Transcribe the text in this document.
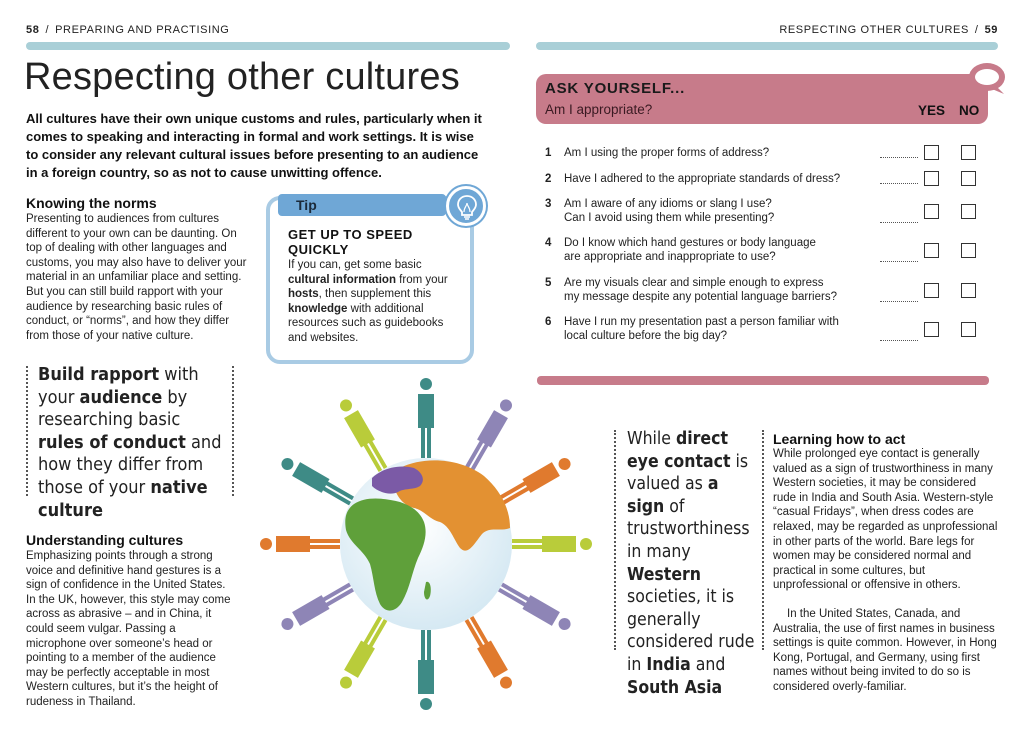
58 / PREPARING AND PRACTISING	RESPECTING OTHER CULTURES / 59
Respecting other cultures

All cultures have their own unique customs and rules, particularly when it comes to speaking and interacting in formal and work settings. It is wise to consider any relevant cultural issues before presenting to an audience in a foreign country, so as not to cause unwitting offence.

Knowing the norms

Presenting to audiences from cultures different to your own can be daunting. On top of dealing with other languages and customs, you may also have to deliver your material in an unfamiliar place and setting. But you can still build rapport with your audience by researching basic rules of conduct, or “norms”, and how they differ from those of your native culture.

Tip
GET UP TO SPEED QUICKLY

If you can, get some basic cultural information from your hosts, then supplement this knowledge with additional resources such as guidebooks and websites.

Build rapport with your audience by researching basic rules of conduct and how they differ from those of your native culture
Understanding cultures

Emphasizing points through a strong voice and definitive hand gestures is a sign of confidence in the United States. In the UK, however, this style may come across as abrasive – and in China, it could seem vulgar. Passing a microphone over someone’s head or pointing to a member of the audience may be perfectly acceptable in most Western cultures, but it’s the height of rudeness in Thailand.

ASK YOURSELF...
Am I appropriate?	YES NO
1 Am I using the proper forms of address?
2 Have I adhered to the appropriate standards of dress?
3 Am I aware of any idioms or slang I use?
Can I avoid using them while presenting?
4 Do I know which hand gestures or body language
are appropriate and inappropriate to use?
5 Are my visuals clear and simple enough to express
my message despite any potential language barriers?
6 Have I run my presentation past a person familiar with
local culture before the big day?
While direct eye contact is valued as a sign of trustworthiness in many Western societies, it is generally considered rude in India and South Asia
Learning how to act

While prolonged eye contact is generally valued as a sign of trustworthiness in many Western societies, it may be considered rude in India and South Asia. Western-style “casual Fridays”, when dress codes are relaxed, may be regarded as unprofessional in other parts of the world. Bare legs for women may be considered normal and practical in some cultures, but unprofessional or offensive in others.

In the United States, Canada, and Australia, the use of first names in business settings is quite common. However, in Hong Kong, Portugal, and Germany, using first names without being invited to do so is considered overly-familiar.
